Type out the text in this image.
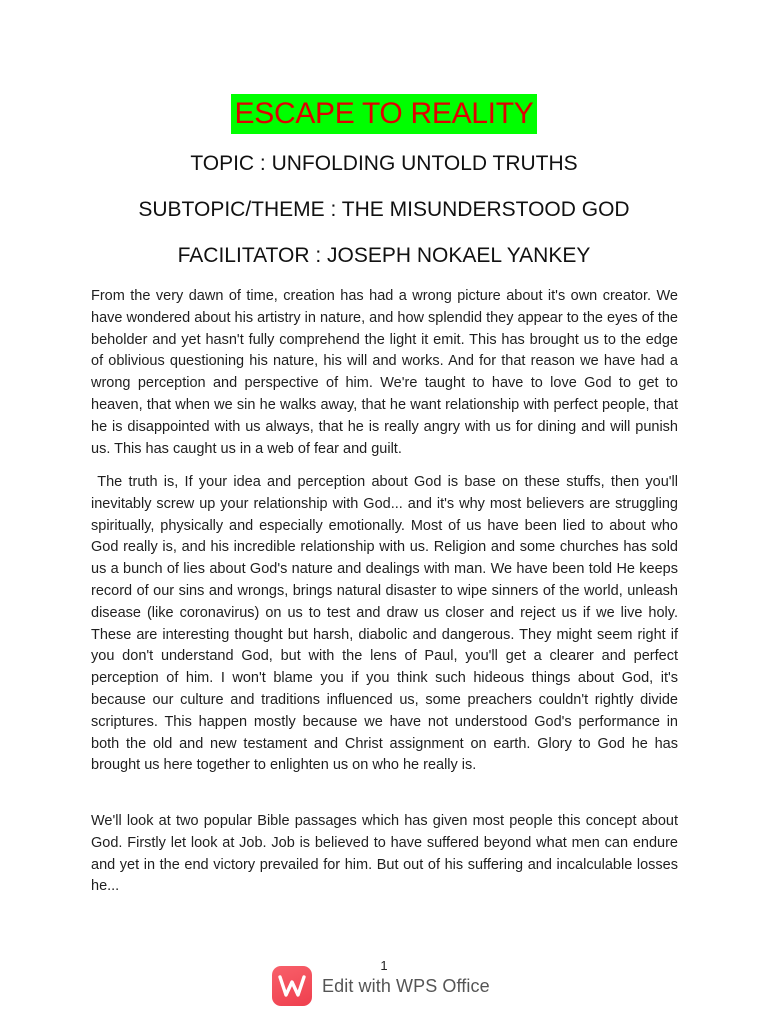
ESCAPE TO REALITY
TOPIC : UNFOLDING UNTOLD TRUTHS
SUBTOPIC/THEME : THE MISUNDERSTOOD GOD
FACILITATOR : JOSEPH NOKAEL YANKEY

From the very dawn of time, creation has had a wrong picture about it's own creator. We have wondered about his artistry in nature, and how splendid they appear to the eyes of the beholder and yet hasn't fully comprehend the light it emit. This has brought us to the edge of oblivious questioning his nature, his will and works. And for that reason we have had a wrong perception and perspective of him. We're taught to have to love God to get to heaven, that when we sin he walks away, that he want relationship with perfect people, that he is disappointed with us always, that he is really angry with us for dining and will punish us. This has caught us in a web of fear and guilt.

The truth is, If your idea and perception about God is base on these stuffs, then you'll inevitably screw up your relationship with God... and it's why most believers are struggling spiritually, physically and especially emotionally. Most of us have been lied to about who God really is, and his incredible relationship with us. Religion and some churches has sold us a bunch of lies about God's nature and dealings with man. We have been told He keeps record of our sins and wrongs, brings natural disaster to wipe sinners of the world, unleash disease (like coronavirus) on us to test and draw us closer and reject us if we live holy. These are interesting thought but harsh, diabolic and dangerous. They might seem right if you don't understand God, but with the lens of Paul, you'll get a clearer and perfect perception of him. I won't blame you if you think such hideous things about God, it's because our culture and traditions influenced us, some preachers couldn't rightly divide scriptures. This happen mostly because we have not understood God's performance in both the old and new testament and Christ assignment on earth. Glory to God he has brought us here together to enlighten us on who he really is.

We'll look at two popular Bible passages which has given most people this concept about God. Firstly let look at Job. Job is believed to have suffered beyond what men can endure and yet in the end victory prevailed for him. But out of his suffering and incalculable losses he...

1
Edit with WPS Office
